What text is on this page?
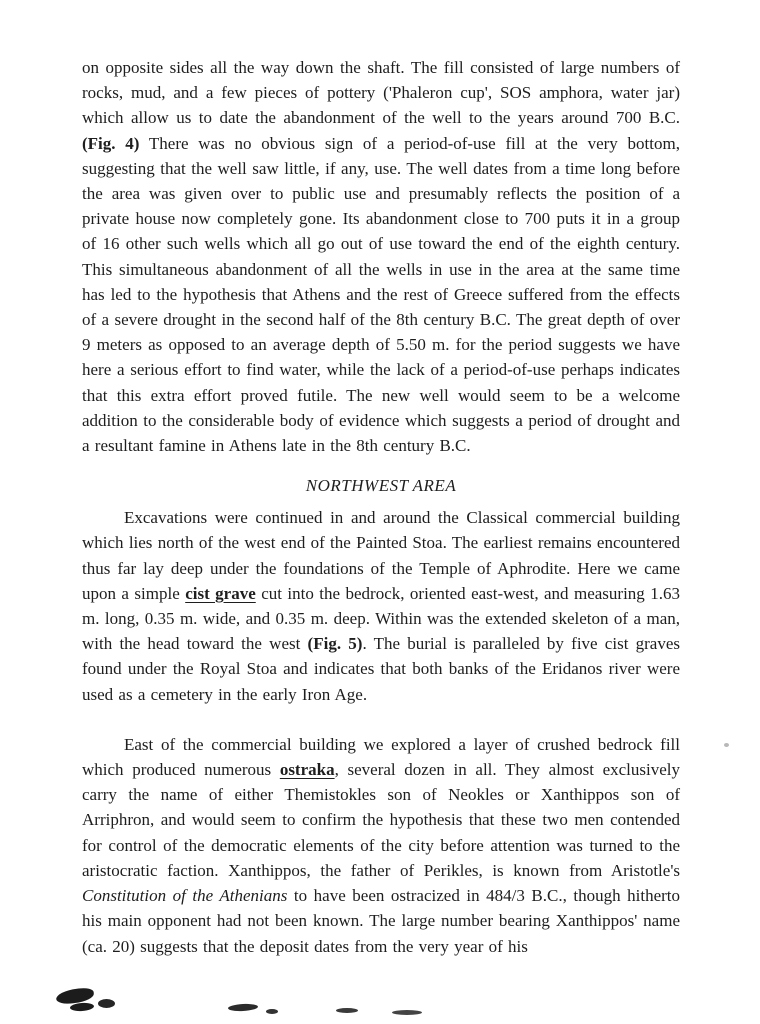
on opposite sides all the way down the shaft. The fill consisted of large numbers of rocks, mud, and a few pieces of pottery ('Phaleron cup', SOS amphora, water jar) which allow us to date the abandonment of the well to the years around 700 B.C. (Fig. 4) There was no obvious sign of a period-of-use fill at the very bottom, suggesting that the well saw little, if any, use. The well dates from a time long before the area was given over to public use and presumably reflects the position of a private house now completely gone. Its abandonment close to 700 puts it in a group of 16 other such wells which all go out of use toward the end of the eighth century. This simultaneous abandonment of all the wells in use in the area at the same time has led to the hypothesis that Athens and the rest of Greece suffered from the effects of a severe drought in the second half of the 8th century B.C. The great depth of over 9 meters as opposed to an average depth of 5.50 m. for the period suggests we have here a serious effort to find water, while the lack of a period-of-use perhaps indicates that this extra effort proved futile. The new well would seem to be a welcome addition to the considerable body of evidence which suggests a period of drought and a resultant famine in Athens late in the 8th century B.C.

NORTHWEST AREA

Excavations were continued in and around the Classical commercial building which lies north of the west end of the Painted Stoa. The earliest remains encountered thus far lay deep under the foundations of the Temple of Aphrodite. Here we came upon a simple cist grave cut into the bedrock, oriented east-west, and measuring 1.63 m. long, 0.35 m. wide, and 0.35 m. deep. Within was the extended skeleton of a man, with the head toward the west (Fig. 5). The burial is paralleled by five cist graves found under the Royal Stoa and indicates that both banks of the Eridanos river were used as a cemetery in the early Iron Age.

East of the commercial building we explored a layer of crushed bedrock fill which produced numerous ostraka, several dozen in all. They almost exclusively carry the name of either Themistokles son of Neokles or Xanthippos son of Arriphron, and would seem to confirm the hypothesis that these two men contended for control of the democratic elements of the city before attention was turned to the aristocratic faction. Xanthippos, the father of Perikles, is known from Aristotle's Constitution of the Athenians to have been ostracized in 484/3 B.C., though hitherto his main opponent had not been known. The large number bearing Xanthippos' name (ca. 20) suggests that the deposit dates from the very year of his
